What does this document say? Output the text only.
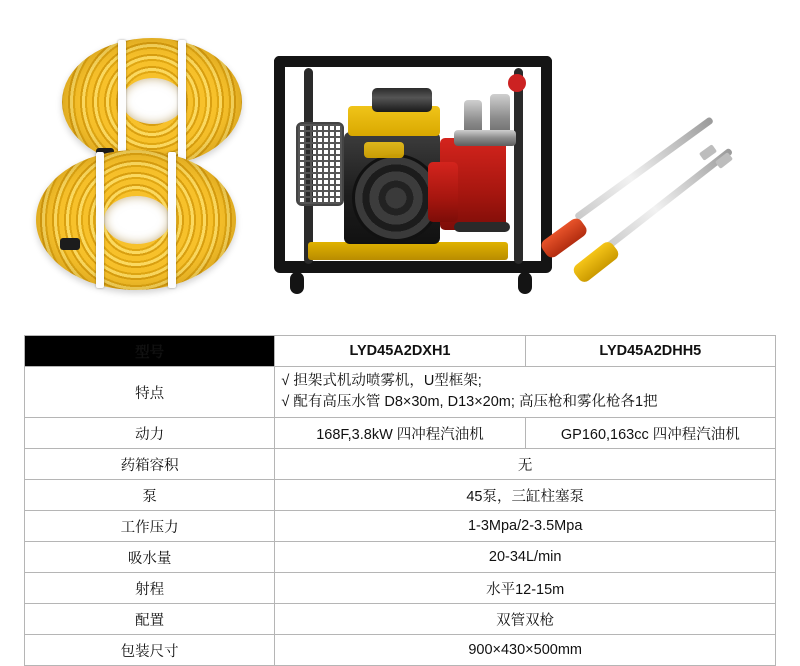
型号	LYD45A2DXH1	LYD45A2DHH5
特点	√ 担架式机动喷雾机，U型框架;
√ 配有高压水管 D8×30m, D13×20m; 高压枪和雾化枪各1把	

动力	168F,3.8kW 四冲程汽油机	GP160,163cc 四冲程汽油机
药箱容积	无	
泵	45泵，三缸柱塞泵	
工作压力	1-3Mpa/2-3.5Mpa	
吸水量	20-34L/min	
射程	水平12-15m	
配置	双管双枪	
包装尺寸	900×430×500mm	
